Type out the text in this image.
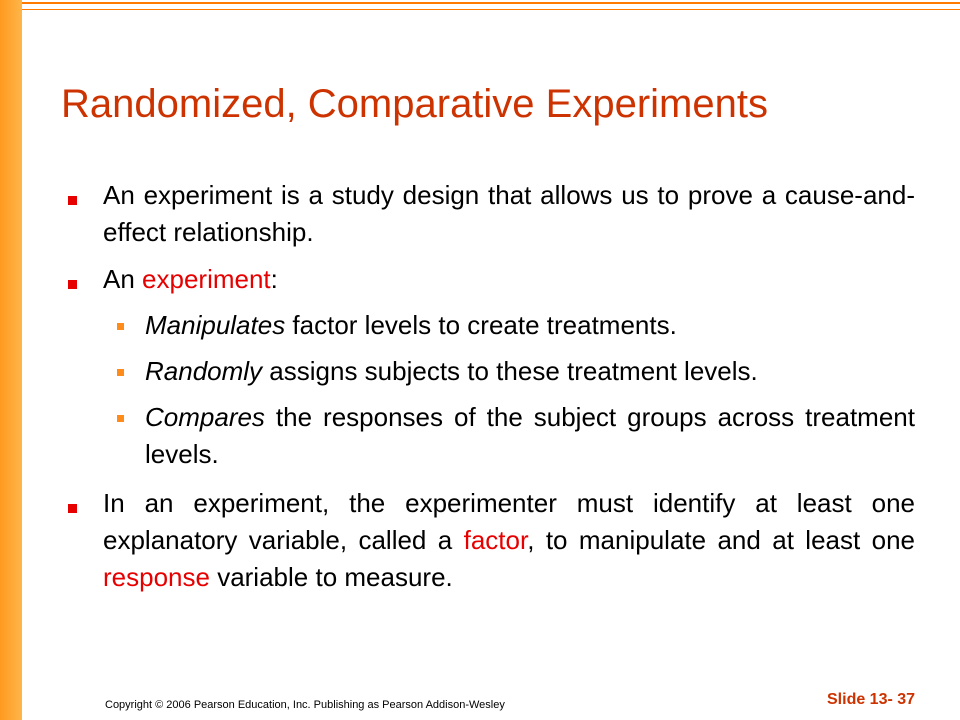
Randomized, Comparative Experiments
An experiment is a study design that allows us to prove a cause-and-effect relationship.
An experiment:
Manipulates factor levels to create treatments.
Randomly assigns subjects to these treatment levels.
Compares the responses of the subject groups across treatment levels.
In an experiment, the experimenter must identify at least one explanatory variable, called a factor, to manipulate and at least one response variable to measure.
Copyright © 2006 Pearson Education, Inc. Publishing as Pearson Addison-Wesley	Slide 13- 37
